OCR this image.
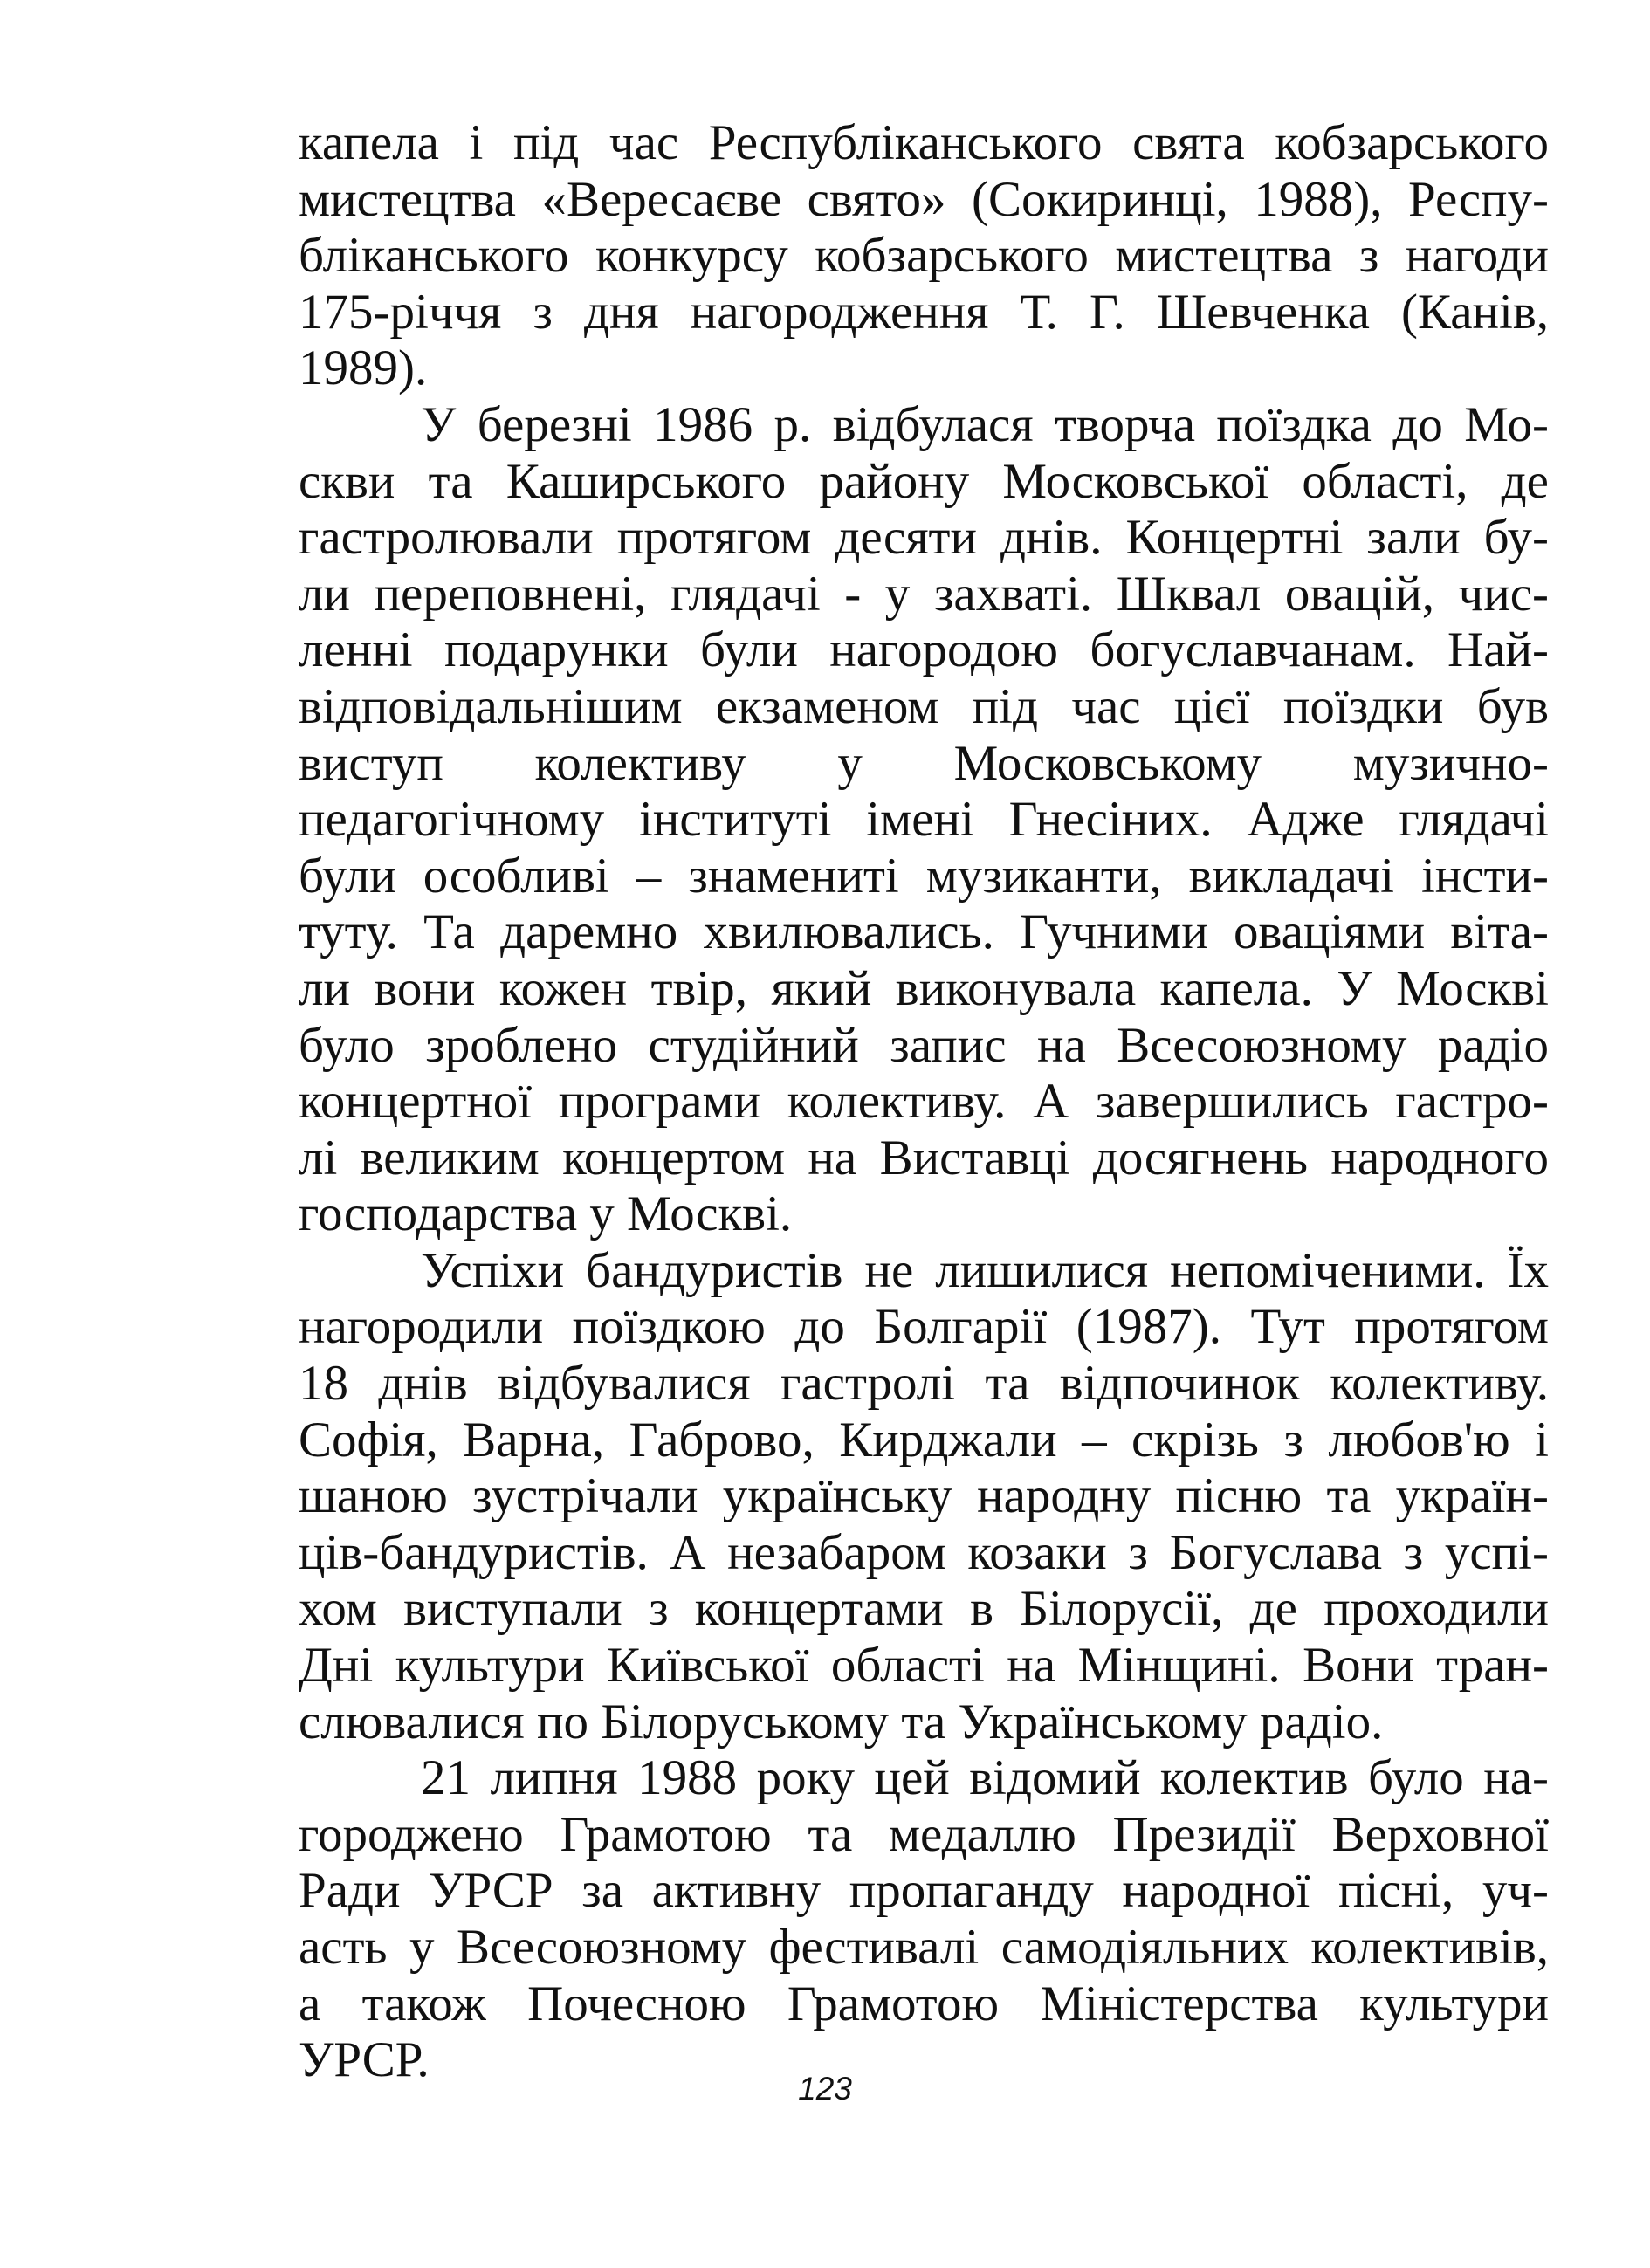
капела і під час Республіканського свята кобзарського
мистецтва «Вересаєве свято» (Сокиринці, 1988), Респу-
бліканського конкурсу кобзарського мистецтва з нагоди
175-річчя з дня нагородження Т. Г. Шевченка (Канів,
1989).
У березні 1986 р. відбулася творча поїздка до Мо-
скви та Каширського району Московської області, де
гастролювали протягом десяти днів. Концертні зали бу-
ли переповнені, глядачі - у захваті. Шквал овацій, чис-
ленні подарунки були нагородою богуславчанам. Най-
відповідальнішим екзаменом під час цієї поїздки був
виступ колективу у Московському музично-
педагогічному інституті імені Гнесіних. Адже глядачі
були особливі – знамениті музиканти, викладачі інсти-
туту. Та даремно хвилювались. Гучними оваціями віта-
ли вони кожен твір, який виконувала капела. У Москві
було зроблено студійний запис на Всесоюзному радіо
концертної програми колективу. А завершились гастро-
лі великим концертом на Виставці досягнень народного
господарства у Москві.
Успіхи бандуристів не лишилися непоміченими. Їх
нагородили поїздкою до Болгарії (1987). Тут протягом
18 днів відбувалися гастролі та відпочинок колективу.
Софія, Варна, Габрово, Кирджали – скрізь з любов'ю і
шаною зустрічали українську народну пісню та україн-
ців-бандуристів. А незабаром козаки з Богуслава з успі-
хом виступали з концертами в Білорусії, де проходили
Дні культури Київської області на Мінщині. Вони тран-
слювалися по Білоруському та Українському радіо.
21 липня 1988 року цей відомий колектив було на-
городжено Грамотою та медаллю Президії Верховної
Ради УРСР за активну пропаганду народної пісні, уч-
асть у Всесоюзному фестивалі самодіяльних колективів,
а також Почесною Грамотою Міністерства культури
УРСР.
123
